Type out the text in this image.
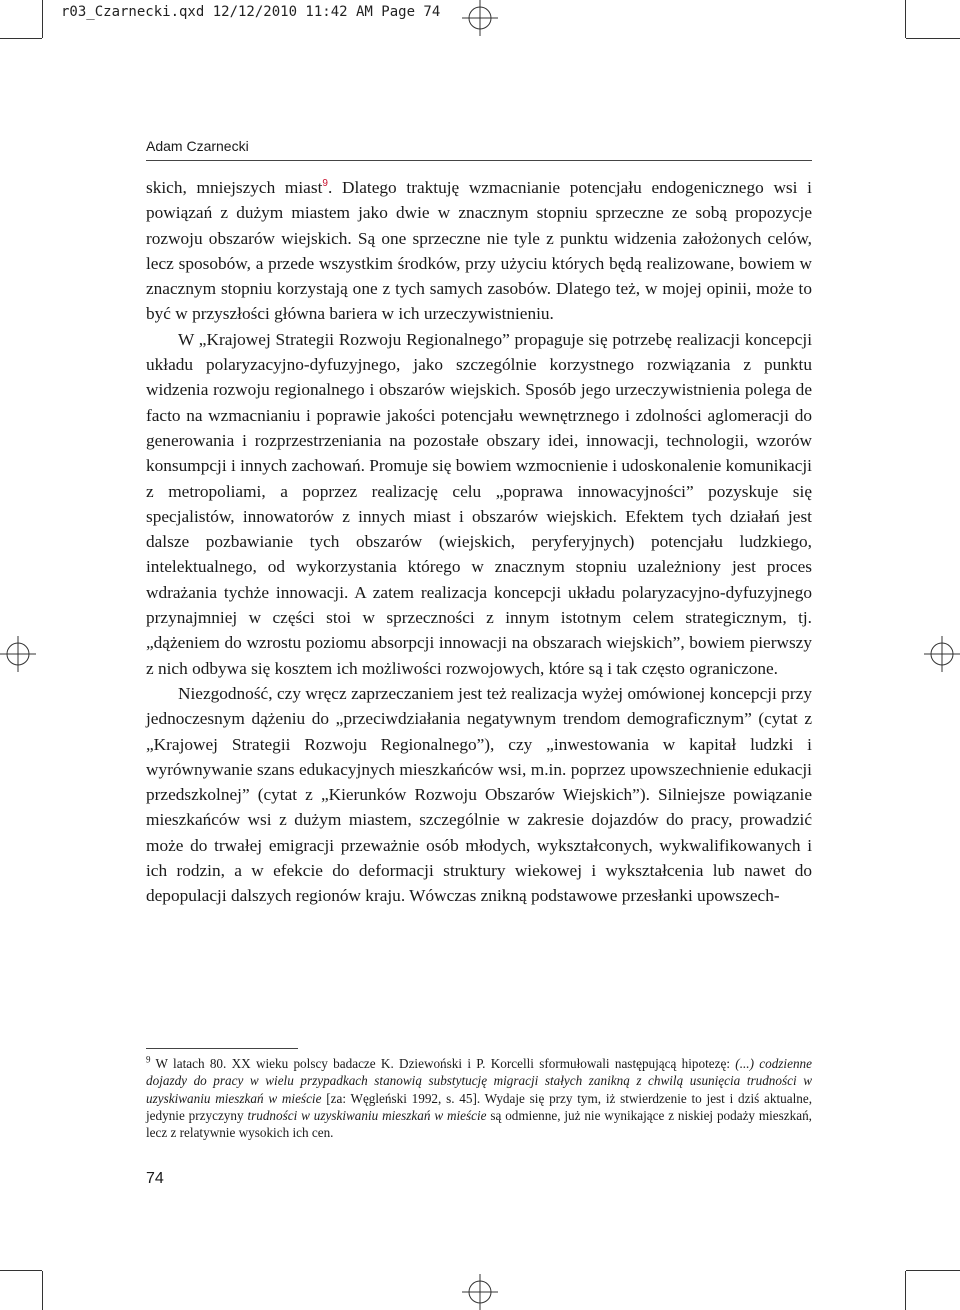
r03_Czarnecki.qxd 12/12/2010 11:42 AM Page 74
Adam Czarnecki

skich, mniejszych miast$^9$. Dlatego traktuję wzmacnianie potencjału endogenicznego wsi i powiązań z dużym miastem jako dwie w znacznym stopniu sprzeczne ze sobą propozycje rozwoju obszarów wiejskich. Są one sprzeczne nie tyle z punktu widzenia założonych celów, lecz sposobów, a przede wszystkim środków, przy użyciu których będą realizowane, bowiem w znacznym stopniu korzystają one z tych samych zasobów. Dlatego też, w mojej opinii, może to być w przyszłości główna bariera w ich urzeczywistnieniu.

W „Krajowej Strategii Rozwoju Regionalnego” propaguje się potrzebę realizacji koncepcji układu polaryzacyjno-dyfuzyjnego, jako szczególnie korzystnego rozwiązania z punktu widzenia rozwoju regionalnego i obszarów wiejskich. Sposób jego urzeczywistnienia polega de facto na wzmacnianiu i poprawie jakości potencjału wewnętrznego i zdolności aglomeracji do generowania i rozprzestrzeniania na pozostałe obszary idei, innowacji, technologii, wzorów konsumpcji i innych zachowań. Promuje się bowiem wzmocnienie i udoskonalenie komunikacji z metropoliami, a poprzez realizację celu „poprawa innowacyjności” pozyskuje się specjalistów, innowatorów z innych miast i obszarów wiejskich. Efektem tych działań jest dalsze pozbawianie tych obszarów (wiejskich, peryferyjnych) potencjału ludzkiego, intelektualnego, od wykorzystania którego w znacznym stopniu uzależniony jest proces wdrażania tychże innowacji. A zatem realizacja koncepcji układu polaryzacyjno-dyfuzyjnego przynajmniej w części stoi w sprzeczności z innym istotnym celem strategicznym, tj. „dążeniem do wzrostu poziomu absorpcji innowacji na obszarach wiejskich”, bowiem pierwszy z nich odbywa się kosztem ich możliwości rozwojowych, które są i tak często ograniczone.

Niezgodność, czy wręcz zaprzeczaniem jest też realizacja wyżej omówionej koncepcji przy jednoczesnym dążeniu do „przeciwdziałania negatywnym trendom demograficznym” (cytat z „Krajowej Strategii Rozwoju Regionalnego”), czy „inwestowania w kapitał ludzki i wyrównywanie szans edukacyjnych mieszkańców wsi, m.in. poprzez upowszechnienie edukacji przedszkolnej” (cytat z „Kierunków Rozwoju Obszarów Wiejskich”). Silniejsze powiązanie mieszkańców wsi z dużym miastem, szczególnie w zakresie dojazdów do pracy, prowadzić może do trwałej emigracji przeważnie osób młodych, wykształconych, wykwalifikowanych i ich rodzin, a w efekcie do deformacji struktury wiekowej i wykształcenia lub nawet do depopulacji dalszych regionów kraju. Wówczas znikną podstawowe przesłanki upowszech-

$^9$ W latach 80. XX wieku polscy badacze K. Dziewoński i P. Korcelli sformułowali następującą hipotezę: (...) codzienne dojazdy do pracy w wielu przypadkach stanowią substytucję migracji stałych zanikną z chwilą usunięcia trudności w uzyskiwaniu mieszkań w mieście [za: Węgleński 1992, s. 45]. Wydaje się przy tym, iż stwierdzenie to jest i dziś aktualne, jedynie przyczyny trudności w uzyskiwaniu mieszkań w mieście są odmienne, już nie wynikające z niskiej podaży mieszkań, lecz z relatywnie wysokich ich cen.
74
